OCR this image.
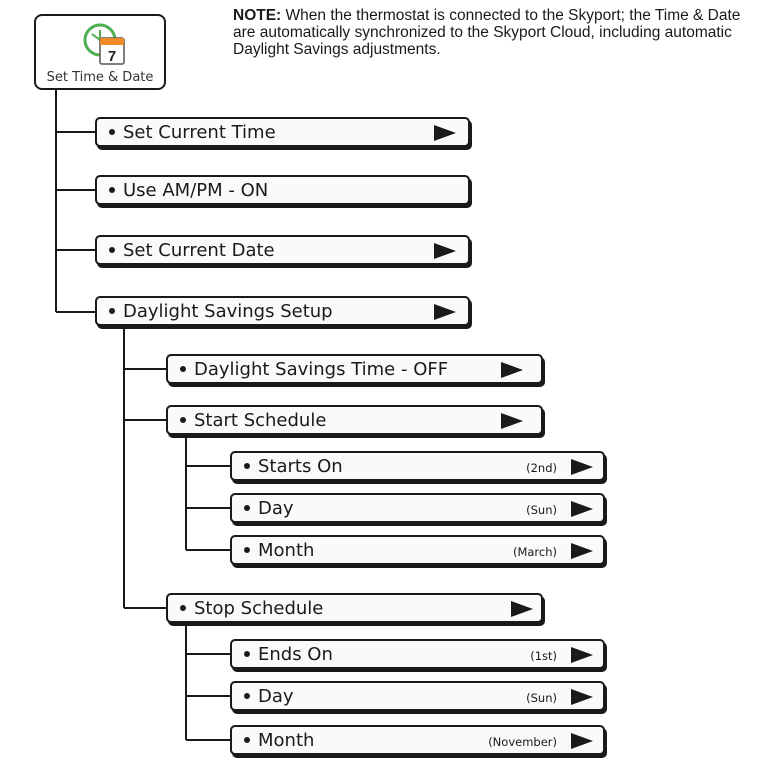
7
Set Time & Date
NOTE: When the thermostat is connected to the Skyport; the Time & Date are automatically synchronized to the Skyport Cloud, including automatic Daylight Savings adjustments.
Set Current Time
Use AM/PM - ON
Set Current Date
Daylight Savings Setup
Daylight Savings Time - OFF
Start Schedule
Stop Schedule
Starts On	(2nd)
Day	(Sun)
Month	(March)
Ends On	(1st)
Day	(Sun)
Month	(November)
